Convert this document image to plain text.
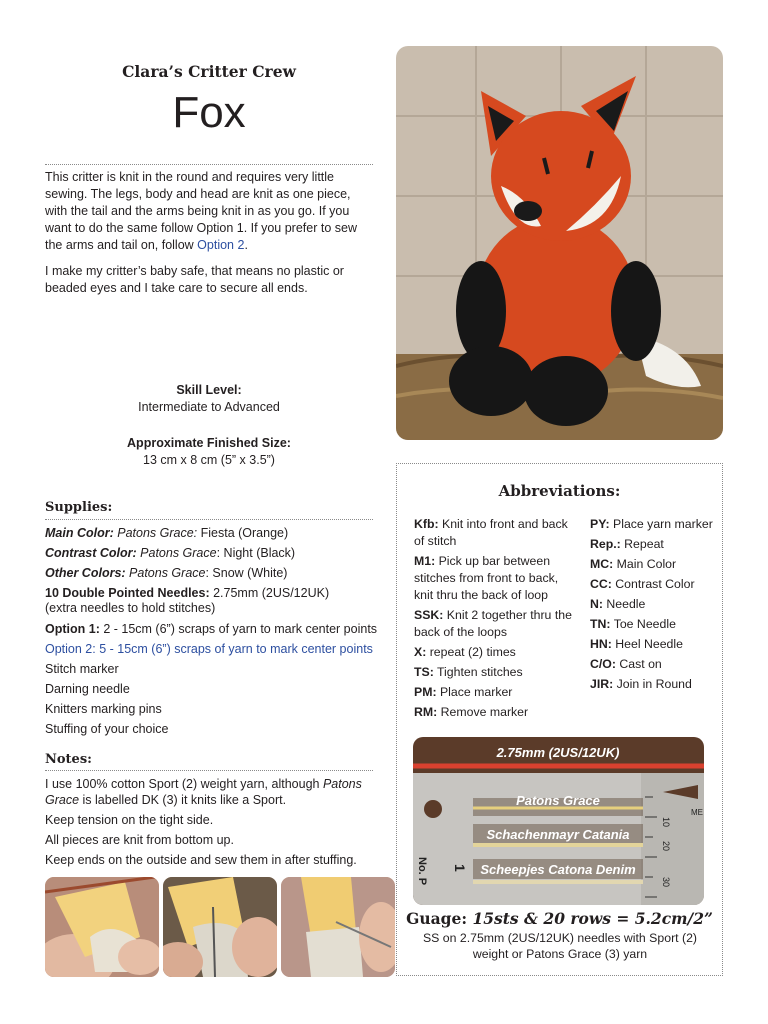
Clara’s Critter Crew
Fox

This critter is knit in the round and requires very little sewing. The legs, body and head are knit as one piece, with the tail and the arms being knit in as you go. If you want to do the same follow Option 1. If you prefer to sew the arms and tail on, follow Option 2.

I make my critter’s baby safe, that means no plastic or beaded eyes and I take care to secure all ends.

Skill Level:
Intermediate to Advanced
Approximate Finished Size:
13 cm x 8 cm (5” x 3.5”)
Supplies:
Main Color: Patons Grace: Fiesta (Orange)
Contrast Color: Patons Grace: Night (Black)
Other Colors: Patons Grace: Snow (White)
10 Double Pointed Needles: 2.75mm (2US/12UK)
(extra needles to hold stitches)
Option 1: 2 - 15cm (6”) scraps of yarn to mark center points
Option 2: 5 - 15cm (6”) scraps of yarn to mark center points
Stitch marker
Darning needle
Knitters marking pins
Stuffing of your choice
Notes:
I use 100% cotton Sport (2) weight yarn, although Patons Grace is labelled DK (3) it knits like a Sport.
Keep tension on the tight side.
All pieces are knit from bottom up.
Keep ends on the outside and sew them in after stuffing.
Abbreviations:
Kfb: Knit into front and back of stitch
M1: Pick up bar between stitches from front to back, knit thru the back of loop
SSK: Knit 2 together thru the back of the loops
X: repeat (2) times
TS: Tighten stitches
PM: Place marker
RM: Remove marker
PY: Place yarn marker
Rep.: Repeat
MC: Main Color
CC: Contrast Color
N: Needle
TN: Toe Needle
HN: Heel Needle
C/O: Cast on
JIR: Join in Round
2.75mm (2US/12UK)
Patons Grace
Schachenmayr Catania
Scheepjes Catona Denim
10
20
30
ME
1
No. P
Guage: 15sts & 20 rows = 5.2cm/2”
SS on 2.75mm (2US/12UK) needles with Sport (2) weight or Patons Grace (3) yarn
